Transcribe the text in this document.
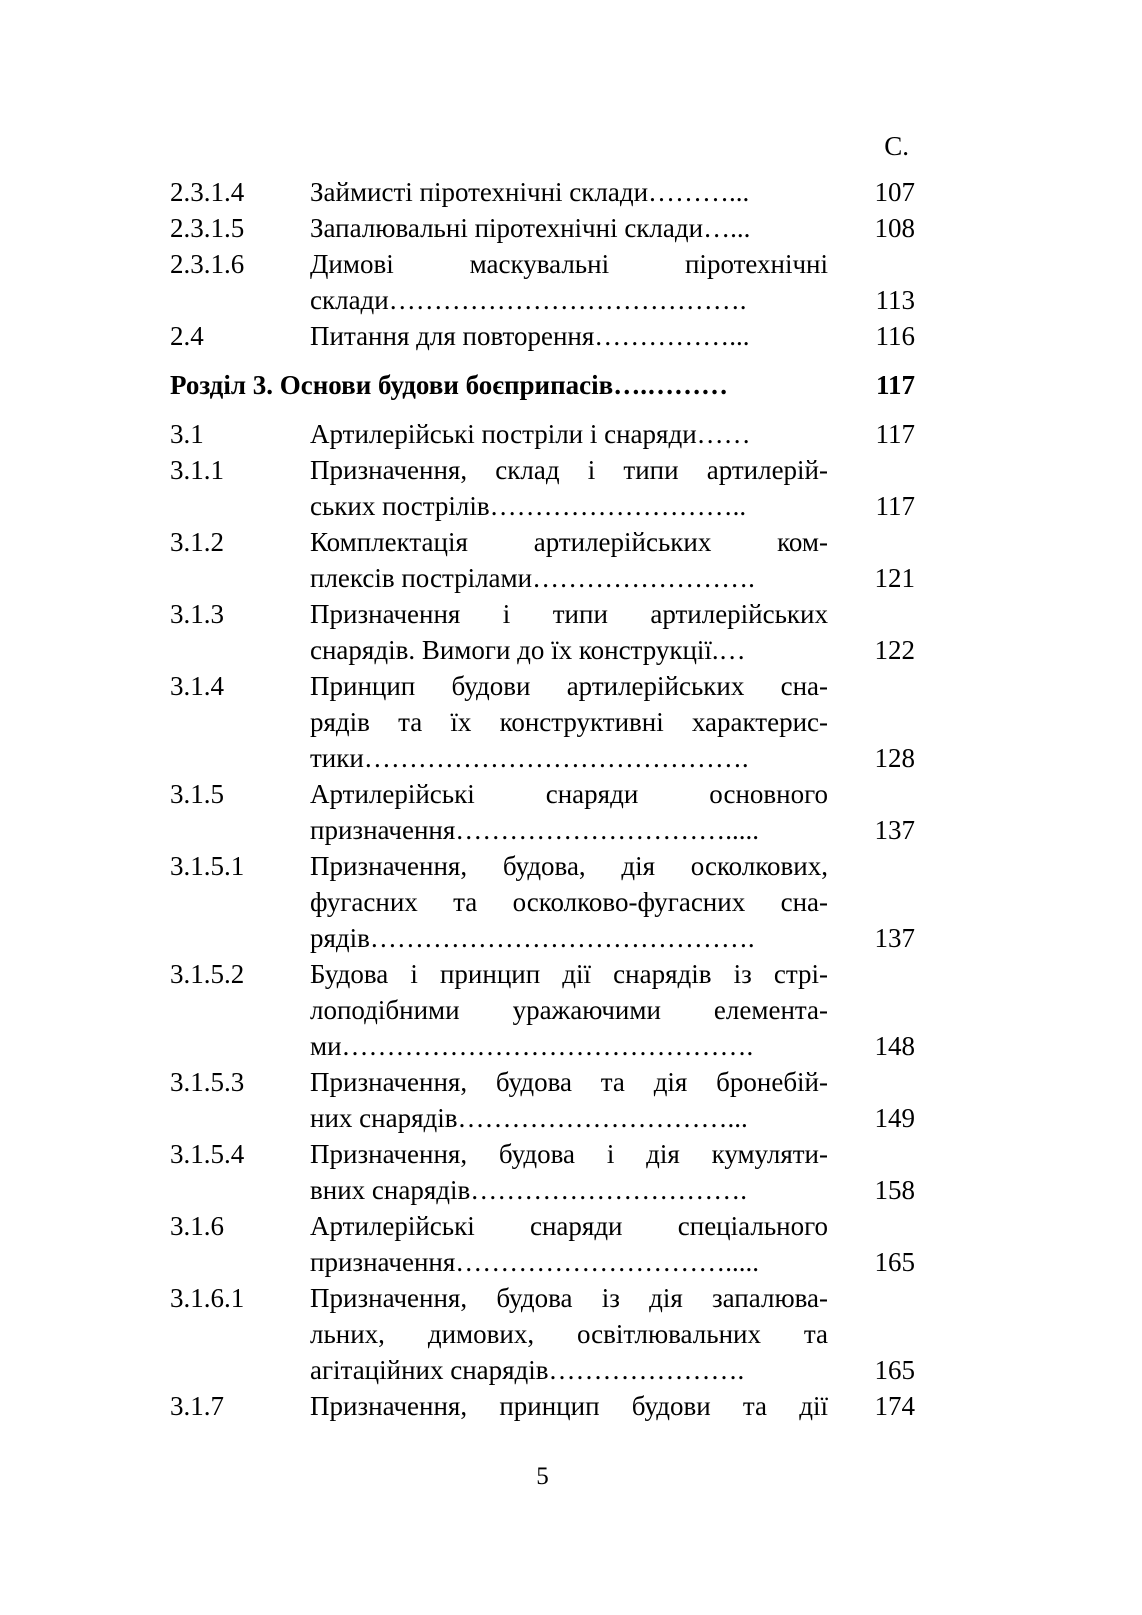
С.
2.3.1.4	Займисті піротехнічні склади………...	107
2.3.1.5	Запалювальні піротехнічні склади…...	108
2.3.1.6	Димові маскувальні піротехнічні
склади………………………………….	113
2.4	Питання для повторення……………...	116
Розділ 3. Основи будови боєприпасів….………	117
3.1	Артилерійські постріли і снаряди……	117
3.1.1	Призначення, склад і типи артилерій-
ських пострілів………………………..	117
3.1.2	Комплектація артилерійських ком-
плексів пострілами…………………….	121
3.1.3	Призначення і типи артилерійських
снарядів. Вимоги до їх конструкції.…	122
3.1.4	Принцип будови артилерійських сна-
рядів та їх конструктивні характерис-
тики…………………………………….	128
3.1.5	Артилерійські снаряди основного
призначення………………………….....	137
3.1.5.1	Призначення, будова, дія осколкових,
фугасних та осколково-фугасних сна-
рядів…………………………………….	137
3.1.5.2	Будова і принцип дії снарядів із стрі-
лоподібними уражаючими елемента-
ми……………………………………….	148
3.1.5.3	Призначення, будова та дія бронебій-
них снарядів…………………………...	149
3.1.5.4	Призначення, будова і дія кумуляти-
вних снарядів………………………….	158
3.1.6	Артилерійські снаряди спеціального
призначення………………………….....	165
3.1.6.1	Призначення, будова із дія запалюва-
льних, димових, освітлювальних та
агітаційних снарядів………………….	165
3.1.7	Призначення, принцип будови та дії	174
5
